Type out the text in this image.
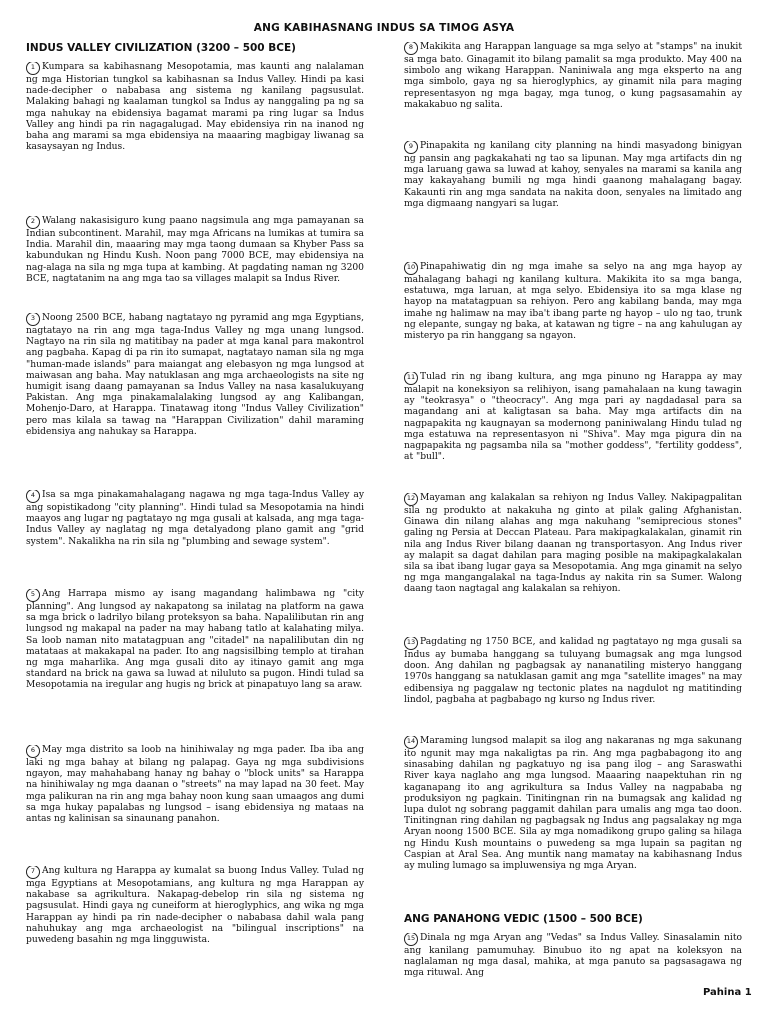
ANG KABIHASNANG INDUS SA TIMOG ASYA
INDUS VALLEY CIVILIZATION (3200 – 500 BCE)

1 Kumpara sa kabihasnang Mesopotamia, mas kaunti ang nalalaman ng mga Historian tungkol sa kabihasnan sa Indus Valley. Hindi pa kasi nade-decipher o nababasa ang sistema ng kanilang pagsusulat. Malaking bahagi ng kaalaman tungkol sa Indus ay nanggaling pa ng sa mga nahukay na ebidensiya bagamat marami pa ring lugar sa Indus Valley ang hindi pa rin nagagalugad. May ebidensiya rin na inanod ng baha ang marami sa mga ebidensiya na maaaring magbigay liwanag sa kasaysayan ng Indus.

2 Walang nakasisiguro kung paano nagsimula ang mga pamayanan sa Indian subcontinent. Marahil, may mga Africans na lumikas at tumira sa India. Marahil din, maaaring may mga taong dumaan sa Khyber Pass sa kabundukan ng Hindu Kush. Noon pang 7000 BCE, may ebidensiya na nag-alaga na sila ng mga tupa at kambing. At pagdating naman ng 3200 BCE, nagtatanim na ang mga tao sa villages malapit sa Indus River.

3 Noong 2500 BCE, habang nagtatayo ng pyramid ang mga Egyptians, nagtatayo na rin ang mga taga-Indus Valley ng mga unang lungsod. Nagtayo na rin sila ng matitibay na pader at mga kanal para makontrol ang pagbaha. Kapag di pa rin ito sumapat, nagtatayo naman sila ng mga "human-made islands" para maiangat ang elebasyon ng mga lungsod at maiwasan ang baha. May natuklasan ang mga archaeologists na site ng humigit isang daang pamayanan sa Indus Valley na nasa kasalukuyang Pakistan. Ang mga pinakamalalaking lungsod ay ang Kalibangan, Mohenjo-Daro, at Harappa. Tinatawag itong "Indus Valley Civilization" pero mas kilala sa tawag na "Harappan Civilization" dahil maraming ebidensiya ang nahukay sa Harappa.

4 Isa sa mga pinakamahalagang nagawa ng mga taga-Indus Valley ay ang sopistikadong "city planning". Hindi tulad sa Mesopotamia na hindi maayos ang lugar ng pagtatayo ng mga gusali at kalsada, ang mga taga-Indus Valley ay naglatag ng mga detalyadong plano gamit ang "grid system". Nakalikha na rin sila ng "plumbing and sewage system".

5 Ang Harrapa mismo ay isang magandang halimbawa ng "city planning". Ang lungsod ay nakapatong sa inilatag na platform na gawa sa mga brick o ladrilyo bilang proteksyon sa baha. Napalilibutan rin ang lungsod ng makapal na pader na may habang tatlo at kalahating milya. Sa loob naman nito matatagpuan ang "citadel" na napalilibutan din ng matataas at makakapal na pader. Ito ang nagsisilbing templo at tirahan ng mga maharlika. Ang mga gusali dito ay itinayo gamit ang mga standard na brick na gawa sa luwad at niluluto sa pugon. Hindi tulad sa Mesopotamia na iregular ang hugis ng brick at pinapatuyo lang sa araw.

6 May mga distrito sa loob na hinihiwalay ng mga pader. Iba iba ang laki ng mga bahay at bilang ng palapag. Gaya ng mga subdivisions ngayon, may mahahabang hanay ng bahay o "block units" sa Harappa na hinihiwalay ng mga daanan o "streets" na may lapad na 30 feet. May mga palikuran na rin ang mga bahay noon kung saan umaagos ang dumi sa mga hukay papalabas ng lungsod – isang ebidensiya ng mataas na antas ng kalinisan sa sinaunang panahon.

7 Ang kultura ng Harappa ay kumalat sa buong Indus Valley. Tulad ng mga Egyptians at Mesopotamians, ang kultura ng mga Harappan ay nakabase sa agrikultura. Nakapag-debelop rin sila ng sistema ng pagsusulat. Hindi gaya ng cuneiform at hieroglyphics, ang wika ng mga Harappan ay hindi pa rin nade-decipher o nababasa dahil wala pang nahuhukay ang mga archaeologist na "bilingual inscriptions" na puwedeng basahin ng mga lingguwista.

8 Makikita ang Harappan language sa mga selyo at "stamps" na inukit sa mga bato. Ginagamit ito bilang pamalit sa mga produkto. May 400 na simbolo ang wikang Harappan. Naniniwala ang mga eksperto na ang mga simbolo, gaya ng sa hieroglyphics, ay ginamit nila para maging representasyon ng mga bagay, mga tunog, o kung pagsasamahin ay makakabuo ng salita.

9 Pinapakita ng kanilang city planning na hindi masyadong binigyan ng pansin ang pagkakahati ng tao sa lipunan. May mga artifacts din ng mga laruang gawa sa luwad at kahoy, senyales na marami sa kanila ang may kakayahang bumili ng mga hindi gaanong mahalagang bagay. Kakaunti rin ang mga sandata na nakita doon, senyales na limitado ang mga digmaang nangyari sa lugar.

10 Pinapahiwatig din ng mga imahe sa selyo na ang mga hayop ay mahalagang bahagi ng kanilang kultura. Makikita ito sa mga banga, estatuwa, mga laruan, at mga selyo. Ebidensiya ito sa mga klase ng hayop na matatagpuan sa rehiyon. Pero ang kabilang banda, may mga imahe ng halimaw na may iba't ibang parte ng hayop – ulo ng tao, trunk ng elepante, sungay ng baka, at katawan ng tigre – na ang kahulugan ay misteryo pa rin hanggang sa ngayon.

11 Tulad rin ng ibang kultura, ang mga pinuno ng Harappa ay may malapit na koneksiyon sa relihiyon, isang pamahalaan na kung tawagin ay "teokrasya" o "theocracy". Ang mga pari ay nagdadasal para sa magandang ani at kaligtasan sa baha. May mga artifacts din na nagpapakita ng kaugnayan sa modernong paniniwalang Hindu tulad ng mga estatuwa na representasyon ni "Shiva". May mga pigura din na nagpapakita ng pagsamba nila sa "mother goddess", "fertility goddess", at "bull".

12 Mayaman ang kalakalan sa rehiyon ng Indus Valley. Nakipagpalitan sila ng produkto at nakakuha ng ginto at pilak galing Afghanistan. Ginawa din nilang alahas ang mga nakuhang "semiprecious stones" galing ng Persia at Deccan Plateau. Para makipagkalakalan, ginamit rin nila ang Indus River bilang daanan ng transportasyon. Ang Indus river ay malapit sa dagat dahilan para maging posible na makipagkalakalan sila sa ibat ibang lugar gaya sa Mesopotamia. Ang mga ginamit na selyo ng mga mangangalakal na taga-Indus ay nakita rin sa Sumer. Walong daang taon nagtagal ang kalakalan sa rehiyon.

13 Pagdating ng 1750 BCE, and kalidad ng pagtatayo ng mga gusali sa Indus ay bumaba hanggang sa tuluyang bumagsak ang mga lungsod doon. Ang dahilan ng pagbagsak ay nananatiling misteryo hanggang 1970s hanggang sa natuklasan gamit ang mga "satellite images" na may edibensiya ng paggalaw ng tectonic plates na nagdulot ng matitinding lindol, pagbaha at pagbabago ng kurso ng Indus river.

14 Maraming lungsod malapit sa ilog ang nakaranas ng mga sakunang ito ngunit may mga nakaligtas pa rin. Ang mga pagbabagong ito ang sinasabing dahilan ng pagkatuyo ng isa pang ilog – ang Saraswathi River kaya naglaho ang mga lungsod. Maaaring naapektuhan rin ng kaganapang ito ang agrikultura sa Indus Valley na nagpababa ng produksiyon ng pagkain. Tinitingnan rin na bumagsak ang kalidad ng lupa dulot ng sobrang paggamit dahilan para umalis ang mga tao doon. Tinitingnan ring dahilan ng pagbagsak ng Indus ang pagsalakay ng mga Aryan noong 1500 BCE. Sila ay mga nomadikong grupo galing sa hilaga ng Hindu Kush mountains o puwedeng sa mga lupain sa pagitan ng Caspian at Aral Sea. Ang muntik nang mamatay na kabihasnang Indus ay muling lumago sa impluwensiya ng mga Aryan.

ANG PANAHONG VEDIC (1500 – 500 BCE)

15 Dinala ng mga Aryan ang "Vedas" sa Indus Valley. Sinasalamin nito ang kanilang pamumuhay. Binubuo ito ng apat na koleksyon na naglalaman ng mga dasal, mahika, at mga panuto sa pagsasagawa ng mga rituwal. Ang

Pahina 1
